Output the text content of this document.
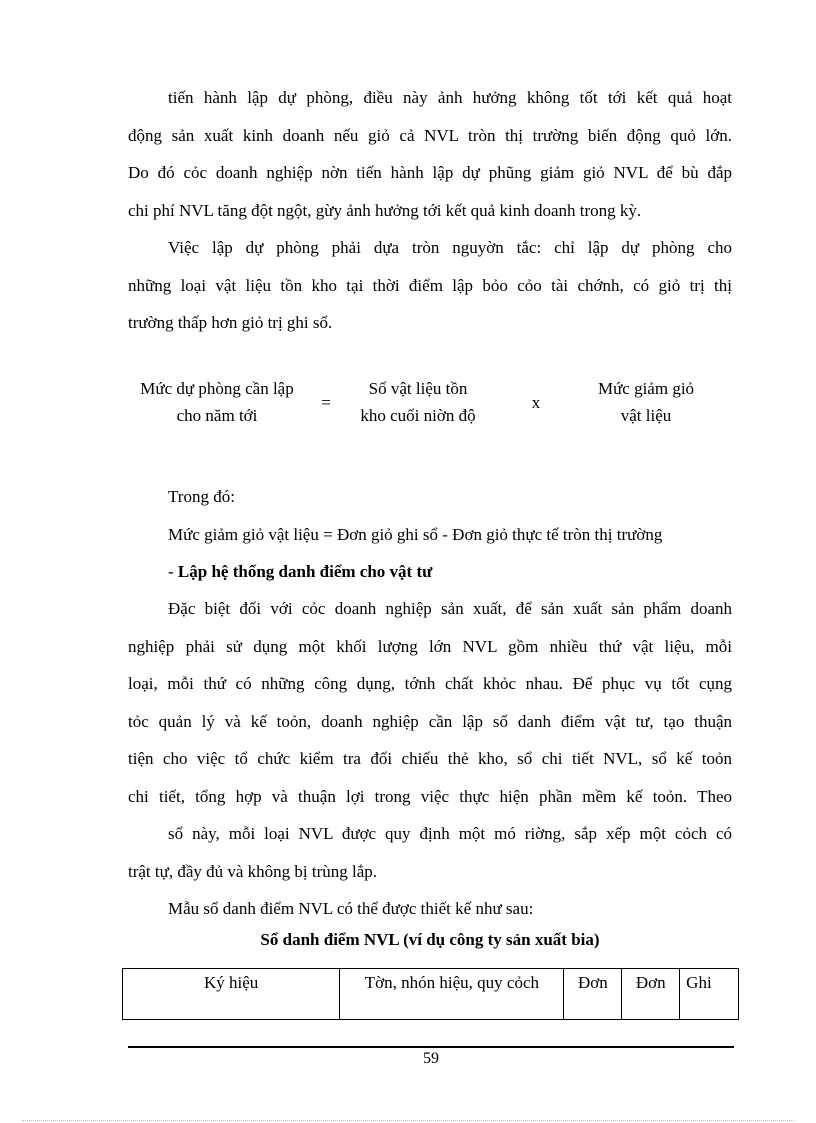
tiến hành lập dự phòng, điều này ảnh hưởng không tốt tới kết quả hoạt
động sản xuất kinh doanh nếu giỏ cả NVL tròn thị trường biến động quỏ lớn.
Do đó cỏc doanh nghiệp nờn tiến hành lập dự phũng giảm giỏ NVL để bù đắp
chi phí NVL tăng đột ngột, gừy ảnh hưởng tới kết quả kinh doanh trong kỳ.
Việc lập dự phòng phải dựa tròn nguyờn tắc: chỉ lập dự phòng cho
những loại vật liệu tồn kho tại thời điểm lập bỏo cỏo tài chớnh, có giỏ trị thị
trường thấp hơn giỏ trị ghi sổ.
Mức dự phòng cần lập
cho năm tới
=
Số vật liệu tồn
kho cuối niờn độ
x
Mức giảm giỏ
vật liệu
Trong đó:
Mức giảm giỏ vật liệu = Đơn giỏ ghi sổ - Đơn giỏ thực tế tròn thị trường
- Lập hệ thống danh điểm cho vật tư
Đặc biệt đối với cỏc doanh nghiệp sản xuất, để sản xuất sản phẩm doanh
nghiệp phải sử dụng một khối lượng lớn NVL gồm nhiều thứ vật liệu, mỗi
loại, mỗi thứ có những công dụng, tớnh chất khỏc nhau. Để phục vụ tốt cụng
tỏc quản lý và kế toỏn, doanh nghiệp cần lập sổ danh điểm vật tư, tạo thuận
tiện cho việc tổ chức kiểm tra đối chiếu thẻ kho, sổ chi tiết NVL, sổ kế toỏn
chi tiết, tổng hợp và thuận lợi trong việc thực hiện phần mềm kế toỏn. Theo
sổ này, mỗi loại NVL được quy định một mó riờng, sắp xếp một cỏch có
trật tự, đầy đủ và không bị trùng lắp.
Mẫu sổ danh điểm NVL có thể được thiết kế như sau:
Sổ danh điểm NVL (ví dụ công ty sản xuất bia)
Ký hiệu	Tờn, nhón hiệu, quy cỏch	Đơn	Đơn	Ghi
59
